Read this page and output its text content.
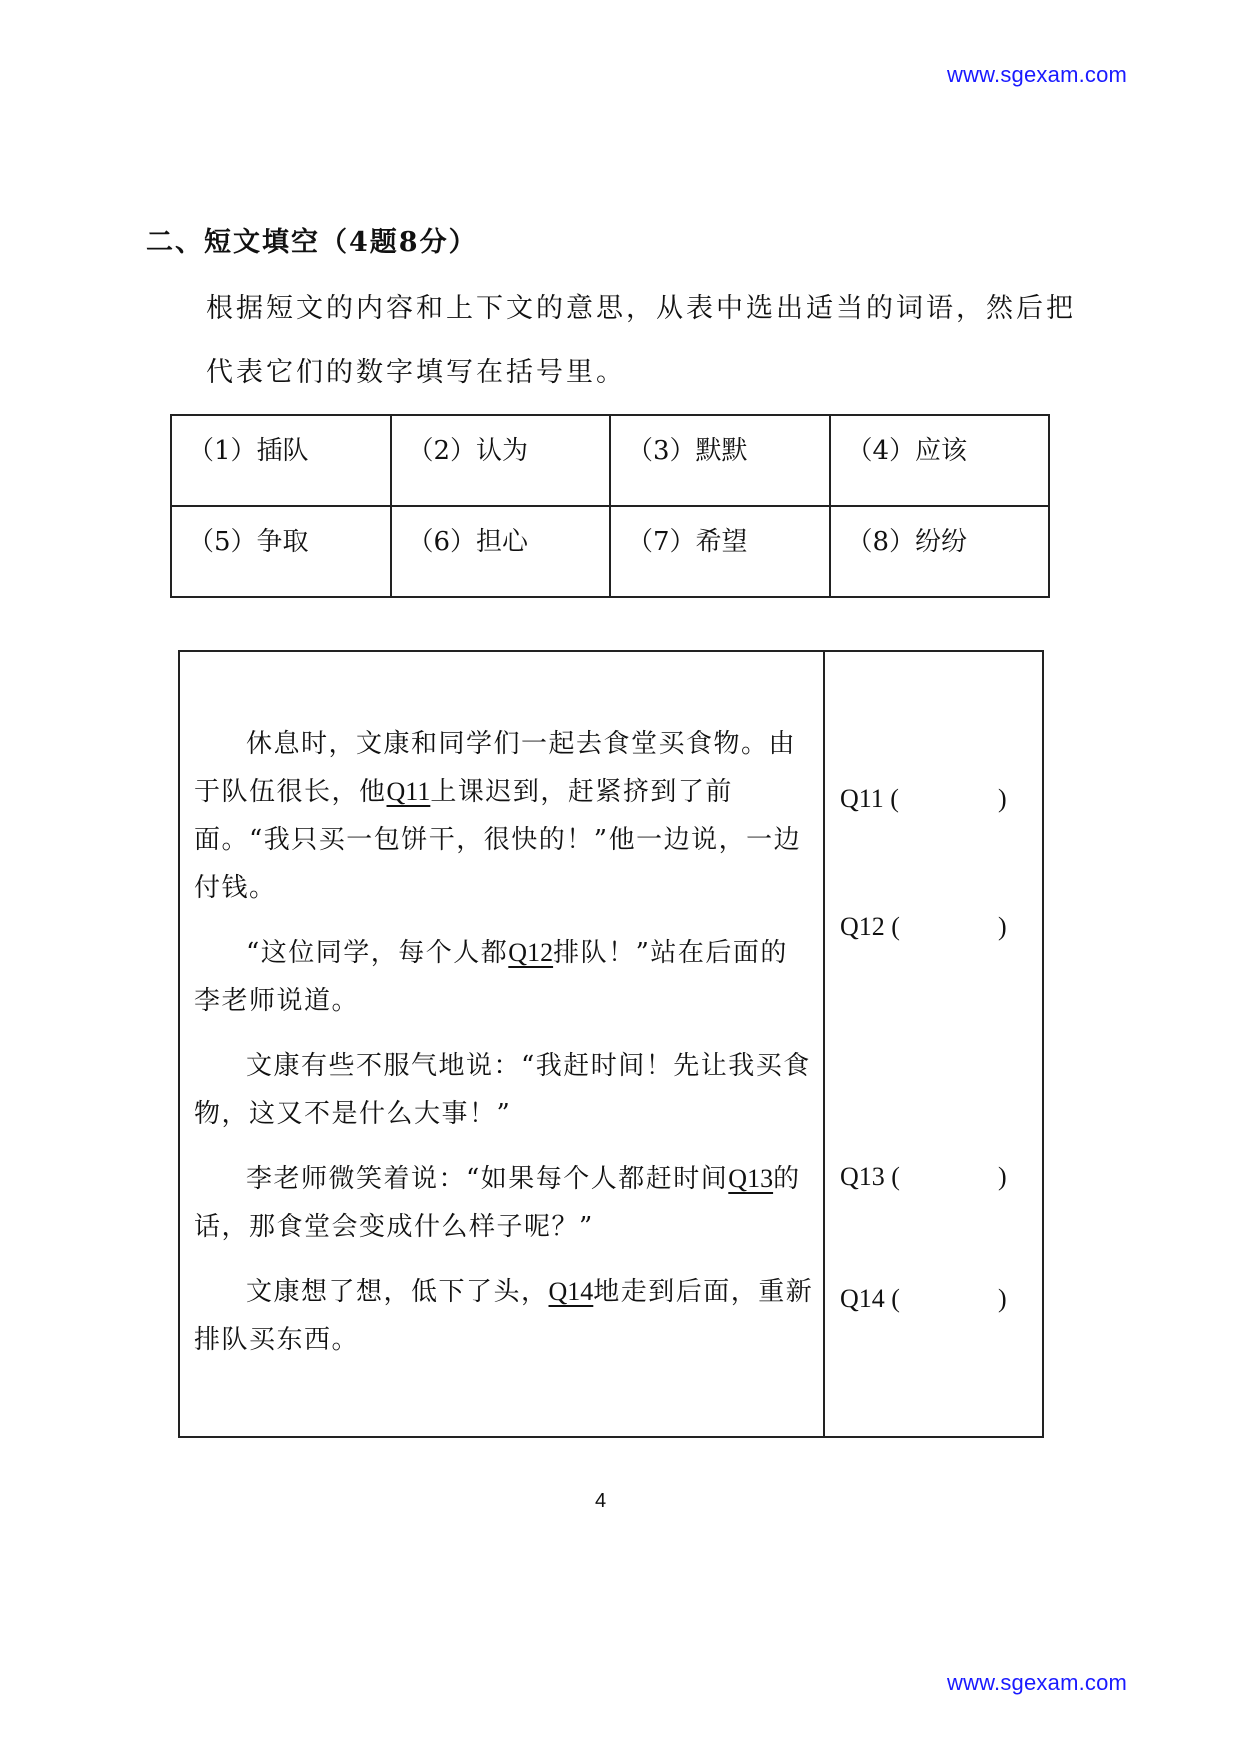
www.sgexam.com
二、短文填空（4题8分）
根据短文的内容和上下文的意思，从表中选出适当的词语，然后把
代表它们的数字填写在括号里。
（1）插队	（2）认为	（3）默默	（4）应该
（5）争取	（6）担心	（7）希望	（8）纷纷

休息时，文康和同学们一起去食堂买食物。由于队伍很长，他Q11上课迟到，赶紧挤到了前面。“我只买一包饼干，很快的！”他一边说，一边付钱。

“这位同学，每个人都Q12排队！”站在后面的李老师说道。

文康有些不服气地说：“我赶时间！先让我买食物，这又不是什么大事！”

李老师微笑着说：“如果每个人都赶时间Q13的话，那食堂会变成什么样子呢？”

文康想了想，低下了头，Q14地走到后面，重新排队买东西。

Q11 (	)
Q12 (	)
Q13 (	)
Q14 (	)
4
www.sgexam.com
